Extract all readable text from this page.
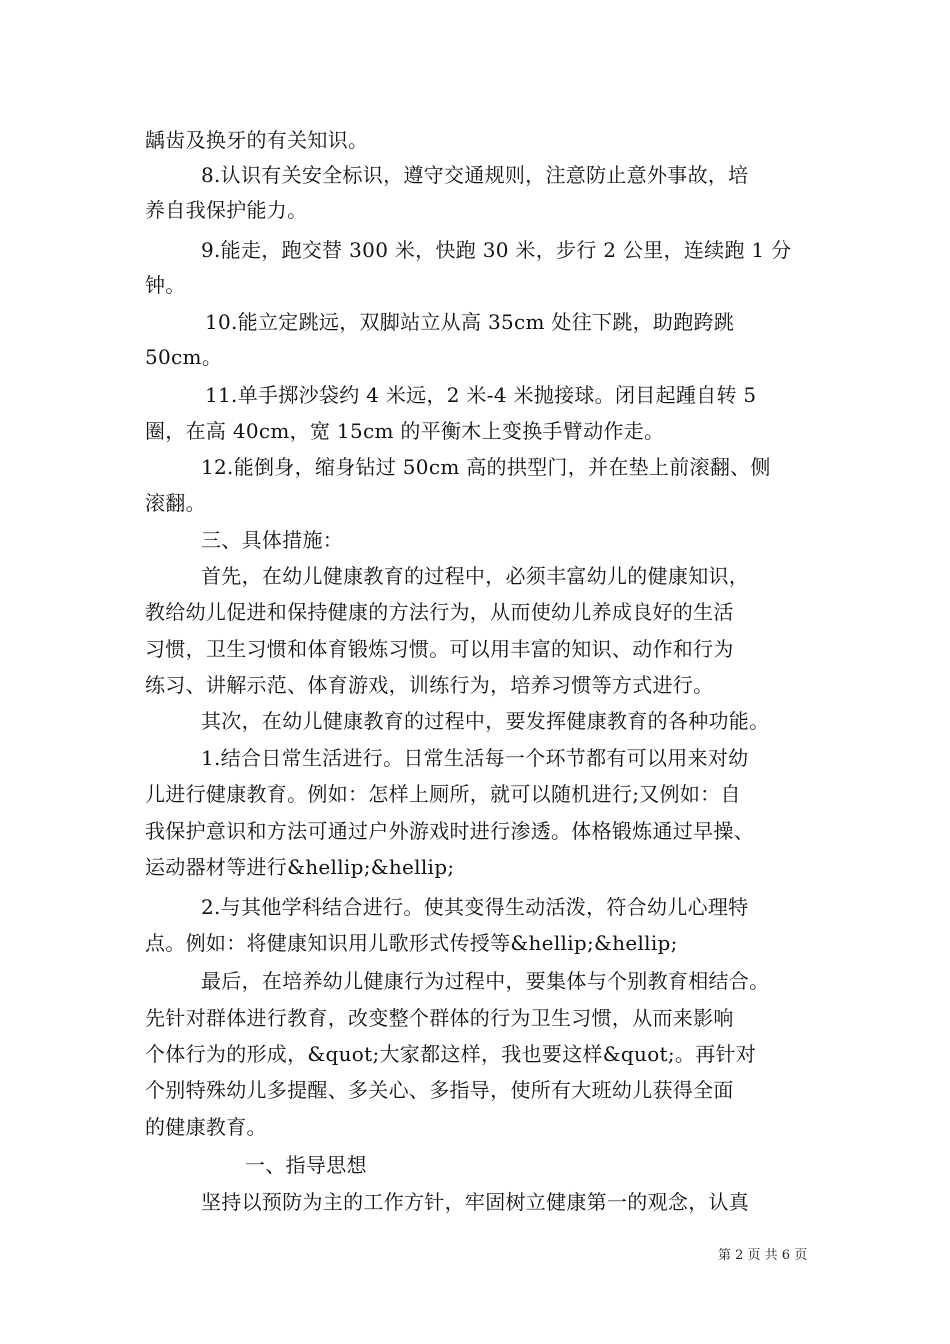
龋齿及换牙的有关知识。
8.认识有关安全标识，遵守交通规则，注意防止意外事故，培
养自我保护能力。
9.能走，跑交替 300 米，快跑 30 米，步行 2 公里，连续跑 1 分
钟。
10.能立定跳远，双脚站立从高 35cm 处往下跳，助跑跨跳
50cm。
11.单手掷沙袋约 4 米远，2 米-4 米抛接球。闭目起踵自转 5
圈，在高 40cm，宽 15cm 的平衡木上变换手臂动作走。
12.能倒身，缩身钻过 50cm 高的拱型门，并在垫上前滚翻、侧
滚翻。
三、具体措施：
首先，在幼儿健康教育的过程中，必须丰富幼儿的健康知识，
教给幼儿促进和保持健康的方法行为，从而使幼儿养成良好的生活
习惯，卫生习惯和体育锻炼习惯。可以用丰富的知识、动作和行为
练习、讲解示范、体育游戏，训练行为，培养习惯等方式进行。
其次，在幼儿健康教育的过程中，要发挥健康教育的各种功能。
1.结合日常生活进行。日常生活每一个环节都有可以用来对幼
儿进行健康教育。例如：怎样上厕所，就可以随机进行;又例如：自
我保护意识和方法可通过户外游戏时进行渗透。体格锻炼通过早操、
运动器材等进行&hellip;&hellip;
2.与其他学科结合进行。使其变得生动活泼，符合幼儿心理特
点。例如：将健康知识用儿歌形式传授等&hellip;&hellip;
最后，在培养幼儿健康行为过程中，要集体与个别教育相结合。
先针对群体进行教育，改变整个群体的行为卫生习惯，从而来影响
个体行为的形成，&quot;大家都这样，我也要这样&quot;。再针对
个别特殊幼儿多提醒、多关心、多指导，使所有大班幼儿获得全面
的健康教育。
一、指导思想
坚持以预防为主的工作方针，牢固树立健康第一的观念，认真
第 2 页 共 6 页
